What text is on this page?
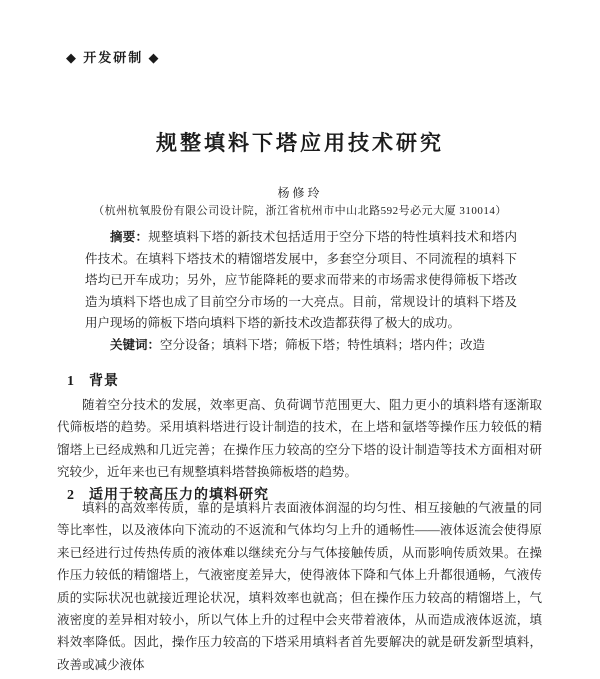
◆ 开发研制 ◆
规整填料下塔应用技术研究
杨修玲
（杭州杭氧股份有限公司设计院，浙江省杭州市中山北路592号必元大厦 310014）

摘要：规整填料下塔的新技术包括适用于空分下塔的特性填料技术和塔内件技术。在填料下塔技术的精馏塔发展中，多套空分项目、不同流程的填料下塔均已开车成功；另外，应节能降耗的要求而带来的市场需求使得筛板下塔改造为填料下塔也成了目前空分市场的一大亮点。目前，常规设计的填料下塔及用户现场的筛板下塔向填料下塔的新技术改造都获得了极大的成功。

关键词：空分设备；填料下塔；筛板下塔；特性填料；塔内件；改造

1 背景

随着空分技术的发展，效率更高、负荷调节范围更大、阻力更小的填料塔有逐渐取代筛板塔的趋势。采用填料塔进行设计制造的技术，在上塔和氩塔等操作压力较低的精馏塔上已经成熟和几近完善；在操作压力较高的空分下塔的设计制造等技术方面相对研究较少，近年来也已有规整填料塔替换筛板塔的趋势。

2 适用于较高压力的填料研究

填料的高效率传质，靠的是填料片表面液体润湿的均匀性、相互接触的气液量的同等比率性，以及液体向下流动的不返流和气体均匀上升的通畅性——液体返流会使得原来已经进行过传热传质的液体难以继续充分与气体接触传质，从而影响传质效果。在操作压力较低的精馏塔上，气液密度差异大，使得液体下降和气体上升都很通畅，气液传质的实际状况也就接近理论状况，填料效率也就高；但在操作压力较高的精馏塔上，气液密度的差异相对较小，所以气体上升的过程中会夹带着液体，从而造成液体返流，填料效率降低。因此，操作压力较高的下塔采用填料者首先要解决的就是研发新型填料，改善或减少液体
